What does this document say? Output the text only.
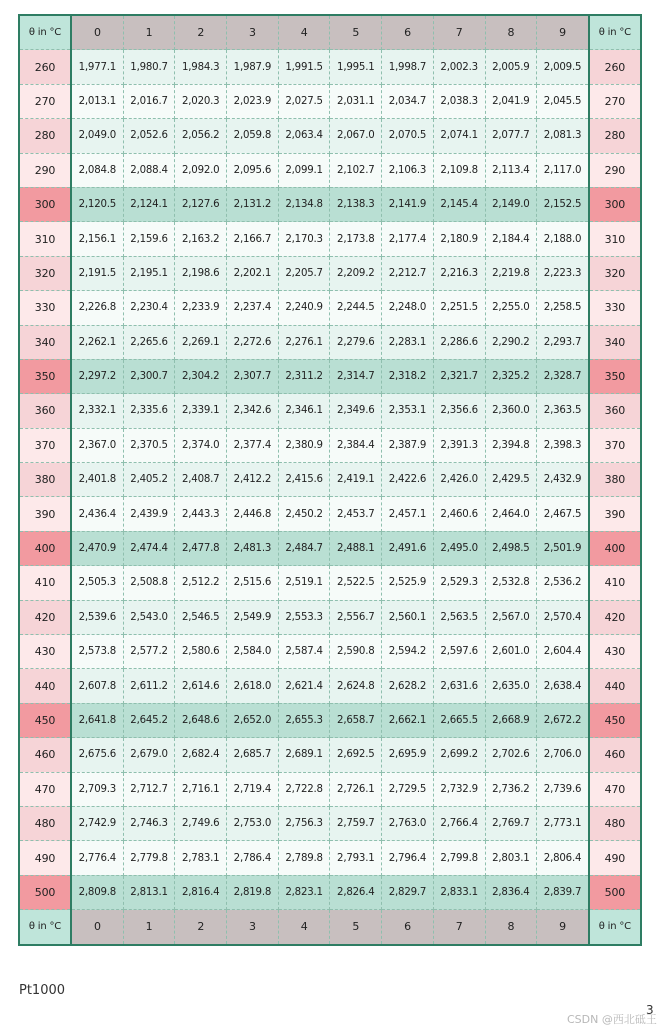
θ in °C	0	1	2	3	4	5	6	7	8	9	θ in °C
260	1,977.1	1,980.7	1,984.3	1,987.9	1,991.5	1,995.1	1,998.7	2,002.3	2,005.9	2,009.5	260
270	2,013.1	2,016.7	2,020.3	2,023.9	2,027.5	2,031.1	2,034.7	2,038.3	2,041.9	2,045.5	270
280	2,049.0	2,052.6	2,056.2	2,059.8	2,063.4	2,067.0	2,070.5	2,074.1	2,077.7	2,081.3	280
290	2,084.8	2,088.4	2,092.0	2,095.6	2,099.1	2,102.7	2,106.3	2,109.8	2,113.4	2,117.0	290
300	2,120.5	2,124.1	2,127.6	2,131.2	2,134.8	2,138.3	2,141.9	2,145.4	2,149.0	2,152.5	300
310	2,156.1	2,159.6	2,163.2	2,166.7	2,170.3	2,173.8	2,177.4	2,180.9	2,184.4	2,188.0	310
320	2,191.5	2,195.1	2,198.6	2,202.1	2,205.7	2,209.2	2,212.7	2,216.3	2,219.8	2,223.3	320
330	2,226.8	2,230.4	2,233.9	2,237.4	2,240.9	2,244.5	2,248.0	2,251.5	2,255.0	2,258.5	330
340	2,262.1	2,265.6	2,269.1	2,272.6	2,276.1	2,279.6	2,283.1	2,286.6	2,290.2	2,293.7	340
350	2,297.2	2,300.7	2,304.2	2,307.7	2,311.2	2,314.7	2,318.2	2,321.7	2,325.2	2,328.7	350
360	2,332.1	2,335.6	2,339.1	2,342.6	2,346.1	2,349.6	2,353.1	2,356.6	2,360.0	2,363.5	360
370	2,367.0	2,370.5	2,374.0	2,377.4	2,380.9	2,384.4	2,387.9	2,391.3	2,394.8	2,398.3	370
380	2,401.8	2,405.2	2,408.7	2,412.2	2,415.6	2,419.1	2,422.6	2,426.0	2,429.5	2,432.9	380
390	2,436.4	2,439.9	2,443.3	2,446.8	2,450.2	2,453.7	2,457.1	2,460.6	2,464.0	2,467.5	390
400	2,470.9	2,474.4	2,477.8	2,481.3	2,484.7	2,488.1	2,491.6	2,495.0	2,498.5	2,501.9	400
410	2,505.3	2,508.8	2,512.2	2,515.6	2,519.1	2,522.5	2,525.9	2,529.3	2,532.8	2,536.2	410
420	2,539.6	2,543.0	2,546.5	2,549.9	2,553.3	2,556.7	2,560.1	2,563.5	2,567.0	2,570.4	420
430	2,573.8	2,577.2	2,580.6	2,584.0	2,587.4	2,590.8	2,594.2	2,597.6	2,601.0	2,604.4	430
440	2,607.8	2,611.2	2,614.6	2,618.0	2,621.4	2,624.8	2,628.2	2,631.6	2,635.0	2,638.4	440
450	2,641.8	2,645.2	2,648.6	2,652.0	2,655.3	2,658.7	2,662.1	2,665.5	2,668.9	2,672.2	450
460	2,675.6	2,679.0	2,682.4	2,685.7	2,689.1	2,692.5	2,695.9	2,699.2	2,702.6	2,706.0	460
470	2,709.3	2,712.7	2,716.1	2,719.4	2,722.8	2,726.1	2,729.5	2,732.9	2,736.2	2,739.6	470
480	2,742.9	2,746.3	2,749.6	2,753.0	2,756.3	2,759.7	2,763.0	2,766.4	2,769.7	2,773.1	480
490	2,776.4	2,779.8	2,783.1	2,786.4	2,789.8	2,793.1	2,796.4	2,799.8	2,803.1	2,806.4	490
500	2,809.8	2,813.1	2,816.4	2,819.8	2,823.1	2,826.4	2,829.7	2,833.1	2,836.4	2,839.7	500
θ in °C	0	1	2	3	4	5	6	7	8	9	θ in °C
Pt1000
CSDN @西北砥王
3
